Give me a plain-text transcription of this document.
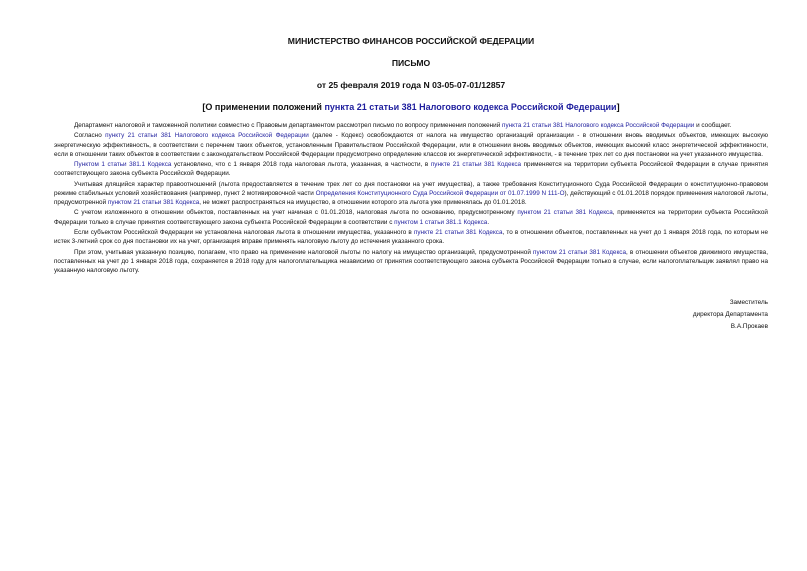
МИНИСТЕРСТВО ФИНАНСОВ РОССИЙСКОЙ ФЕДЕРАЦИИ
ПИСЬМО
от 25 февраля 2019 года N 03-05-07-01/12857
[О применении положений пункта 21 статьи 381 Налогового кодекса Российской Федерации]

Департамент налоговой и таможенной политики совместно с Правовым департаментом рассмотрел письмо по вопросу применения положений пункта 21 статьи 381 Налогового кодекса Российской Федерации и сообщает.

Согласно пункту 21 статьи 381 Налогового кодекса Российской Федерации (далее - Кодекс) освобождаются от налога на имущество организаций организации - в отношении вновь вводимых объектов, имеющих высокую энергетическую эффективность, в соответствии с перечнем таких объектов, установленным Правительством Российской Федерации, или в отношении вновь вводимых объектов, имеющих высокий класс энергетической эффективности, если в отношении таких объектов в соответствии с законодательством Российской Федерации предусмотрено определение классов их энергетической эффективности, - в течение трех лет со дня постановки на учет указанного имущества.

Пунктом 1 статьи 381.1 Кодекса установлено, что с 1 января 2018 года налоговая льгота, указанная, в частности, в пункте 21 статьи 381 Кодекса применяется на территории субъекта Российской Федерации в случае принятия соответствующего закона субъекта Российской Федерации.

Учитывая длящийся характер правоотношений (льгота предоставляется в течение трех лет со дня постановки на учет имущества), а также требования Конституционного Суда Российской Федерации о конституционно-правовом режиме стабильных условий хозяйствования (например, пункт 2 мотивировочной части Определения Конституционного Суда Российской Федерации от 01.07.1999 N 111-О), действующий с 01.01.2018 порядок применения налоговой льготы, предусмотренной пунктом 21 статьи 381 Кодекса, не может распространяться на имущество, в отношении которого эта льгота уже применялась до 01.01.2018.

С учетом изложенного в отношении объектов, поставленных на учет начиная с 01.01.2018, налоговая льгота по основанию, предусмотренному пунктом 21 статьи 381 Кодекса, применяется на территории субъекта Российской Федерации только в случае принятия соответствующего закона субъекта Российской Федерации в соответствии с пунктом 1 статьи 381.1 Кодекса.

Если субъектом Российской Федерации не установлена налоговая льгота в отношении имущества, указанного в пункте 21 статьи 381 Кодекса, то в отношении объектов, поставленных на учет до 1 января 2018 года, по которым не истек 3-летний срок со дня постановки их на учет, организация вправе применять налоговую льготу до истечения указанного срока.

При этом, учитывая указанную позицию, полагаем, что право на применение налоговой льготы по налогу на имущество организаций, предусмотренной пунктом 21 статьи 381 Кодекса, в отношении объектов движимого имущества, поставленных на учет до 1 января 2018 года, сохраняется в 2018 году для налогоплательщика независимо от принятия соответствующего закона субъекта Российской Федерации только в случае, если налогоплательщик заявлял право на указанную налоговую льготу.

Заместитель
директора Департамента
В.А.Прокаев
